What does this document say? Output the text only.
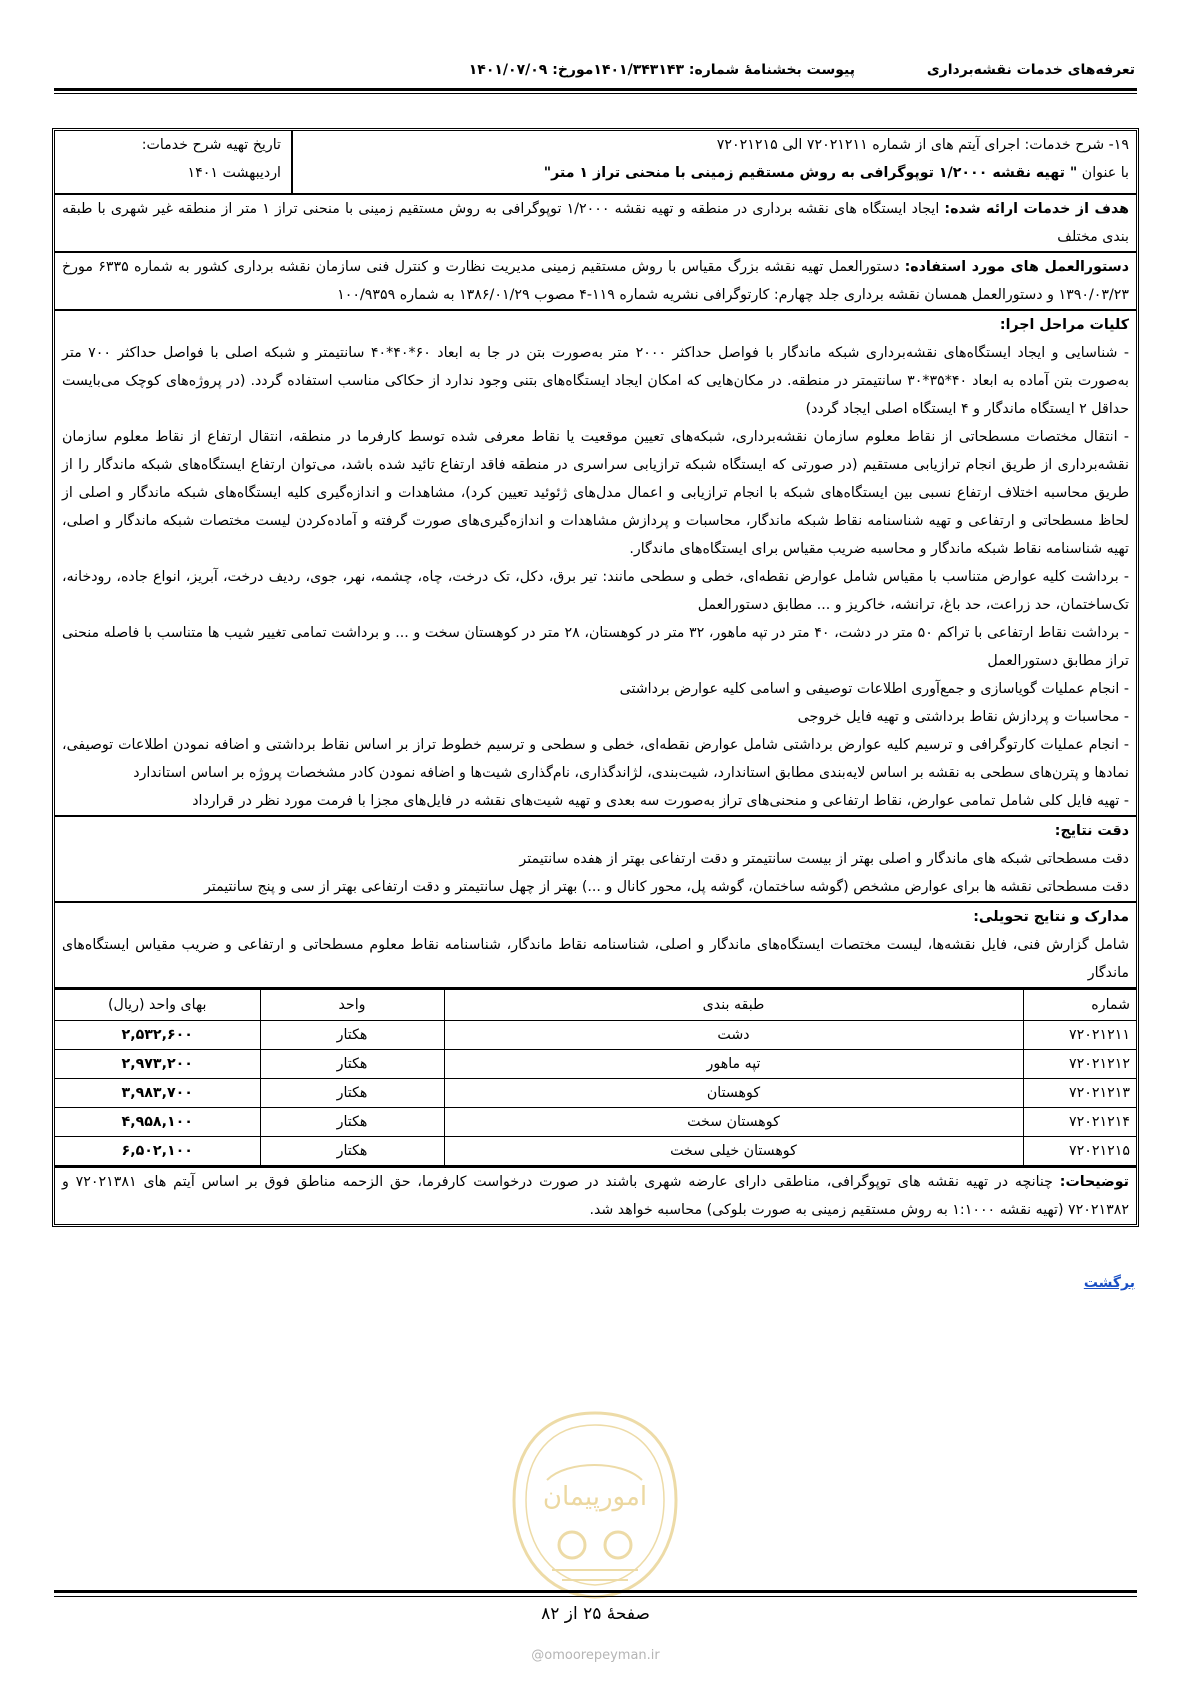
تعرفه‌های خدمات نقشه‌برداری
پیوست بخشنامهٔ شماره: ۱۴۰۱/۳۴۳۱۴۳مورخ: ۱۴۰۱/۰۷/۰۹
۱۹- شرح خدمات: اجرای آیتم های از شماره ۷۲۰۲۱۲۱۱ الی ۷۲۰۲۱۲۱۵
با عنوان " تهیه نقشه ۱/۲۰۰۰ توپوگرافی به روش مستقیم زمینی با منحنی تراز ۱ متر"
تاریخ تهیه شرح خدمات:
اردیبهشت ۱۴۰۱
هدف از خدمات ارائه شده: ایجاد ایستگاه های نقشه برداری در منطقه و تهیه نقشه ۱/۲۰۰۰ توپوگرافی به روش مستقیم زمینی با منحنی تراز ۱ متر از منطقه غیر شهری با طبقه بندی مختلف
دستورالعمل های مورد استفاده: دستورالعمل تهیه نقشه بزرگ مقیاس با روش مستقیم زمینی مدیریت نظارت و کنترل فنی سازمان نقشه برداری کشور به شماره ۶۳۳۵ مورخ ۱۳۹۰/۰۳/۲۳ و دستورالعمل همسان نقشه برداری جلد چهارم: کارتوگرافی نشریه شماره ۱۱۹-۴ مصوب ۱۳۸۶/۰۱/۲۹ به شماره ۱۰۰/۹۳۵۹
کلیات مراحل اجرا:
- شناسایی و ایجاد ایستگاه‌های نقشه‌برداری شبکه ماندگار با فواصل حداکثر ۲۰۰۰ متر به‌صورت بتن در جا به ابعاد ۶۰*۴۰*۴۰ سانتیمتر و شبکه اصلی با فواصل حداکثر ۷۰۰ متر به‌صورت بتن آماده به ابعاد ۴۰*۳۵*۳۰ سانتیمتر در منطقه. در مکان‌هایی که امکان ایجاد ایستگاه‌های بتنی وجود ندارد از حکاکی مناسب استفاده گردد. (در پروژه‌های کوچک می‌بایست حداقل ۲ ایستگاه ماندگار و ۴ ایستگاه اصلی ایجاد گردد)
- انتقال مختصات مسطحاتی از نقاط معلوم سازمان نقشه‌برداری، شبکه‌های تعیین موقعیت یا نقاط معرفی شده توسط کارفرما در منطقه، انتقال ارتفاع از نقاط معلوم سازمان نقشه‌برداری از طریق انجام ترازیابی مستقیم (در صورتی که ایستگاه شبکه ترازیابی سراسری در منطقه فاقد ارتفاع تائید شده باشد، می‌توان ارتفاع ایستگاه‌های شبکه ماندگار را از طریق محاسبه اختلاف ارتفاع نسبی بین ایستگاه‌های شبکه با انجام ترازیابی و اعمال مدل‌های ژئوئید تعیین کرد)، مشاهدات و اندازه‌گیری کلیه ایستگاه‌های شبکه ماندگار و اصلی از لحاظ مسطحاتی و ارتفاعی و تهیه شناسنامه نقاط شبکه ماندگار، محاسبات و پردازش مشاهدات و اندازه‌گیری‌های صورت گرفته و آماده‌کردن لیست مختصات شبکه ماندگار و اصلی، تهیه شناسنامه نقاط شبکه ماندگار و محاسبه ضریب مقیاس برای ایستگاه‌های ماندگار.
- برداشت کلیه عوارض متناسب با مقیاس شامل عوارض نقطه‌ای، خطی و سطحی مانند: تیر برق، دکل، تک درخت، چاه، چشمه، نهر، جوی، ردیف درخت، آبریز، انواع جاده، رودخانه، تک‌ساختمان، حد زراعت، حد باغ، ترانشه، خاکریز و ... مطابق دستورالعمل
- برداشت نقاط ارتفاعی با تراکم ۵۰ متر در دشت، ۴۰ متر در تپه ماهور، ۳۲ متر در کوهستان، ۲۸ متر در کوهستان سخت و ... و برداشت تمامی تغییر شیب ها متناسب با فاصله منحنی تراز مطابق دستورالعمل
- انجام عملیات گویاسازی و جمع‌آوری اطلاعات توصیفی و اسامی کلیه عوارض برداشتی
- محاسبات و پردازش نقاط برداشتی و تهیه فایل خروجی
- انجام عملیات کارتوگرافی و ترسیم کلیه عوارض برداشتی شامل عوارض نقطه‌ای، خطی و سطحی و ترسیم خطوط تراز بر اساس نقاط برداشتی و اضافه نمودن اطلاعات توصیفی، نمادها و پترن‌های سطحی به نقشه بر اساس لایه‌بندی مطابق استاندارد، شیت‌بندی، لژاندگذاری، نام‌گذاری شیت‌ها و اضافه نمودن کادر مشخصات پروژه بر اساس استاندارد
- تهیه فایل کلی شامل تمامی عوارض، نقاط ارتفاعی و منحنی‌های تراز به‌صورت سه بعدی و تهیه شیت‌های نقشه در فایل‌های مجزا با فرمت مورد نظر در قرارداد
دقت نتایج:
دقت مسطحاتی شبکه های ماندگار و اصلی بهتر از بیست سانتیمتر و دقت ارتفاعی بهتر از هفده سانتیمتر
دقت مسطحاتی نقشه ها برای عوارض مشخص (گوشه ساختمان، گوشه پل، محور کانال و ...) بهتر از چهل سانتیمتر و دقت ارتفاعی بهتر از سی و پنج سانتیمتر
مدارک و نتایج تحویلی:
شامل گزارش فنی، فایل نقشه‌ها، لیست مختصات ایستگاه‌های ماندگار و اصلی، شناسنامه نقاط ماندگار، شناسنامه نقاط معلوم مسطحاتی و ارتفاعی و ضریب مقیاس ایستگاه‌های ماندگار
شماره	طبقه بندی	واحد	بهای واحد (ریال)
۷۲۰۲۱۲۱۱	دشت	هکتار	۲,۵۳۲,۶۰۰
۷۲۰۲۱۲۱۲	تپه ماهور	هکتار	۲,۹۷۳,۲۰۰
۷۲۰۲۱۲۱۳	کوهستان	هکتار	۳,۹۸۳,۷۰۰
۷۲۰۲۱۲۱۴	کوهستان سخت	هکتار	۴,۹۵۸,۱۰۰
۷۲۰۲۱۲۱۵	کوهستان خیلی سخت	هکتار	۶,۵۰۲,۱۰۰
توضیحات: چنانچه در تهیه نقشه های توپوگرافی، مناطقی دارای عارضه شهری باشند در صورت درخواست کارفرما، حق الزحمه مناطق فوق بر اساس آیتم های ۷۲۰۲۱۳۸۱ و ۷۲۰۲۱۳۸۲ (تهیه نقشه ۱:۱۰۰۰ به روش مستقیم زمینی به صورت بلوکی) محاسبه خواهد شد.
برگشت
امورپیمان
صفحهٔ ۲۵ از ۸۲
@omoorepeyman.ir
